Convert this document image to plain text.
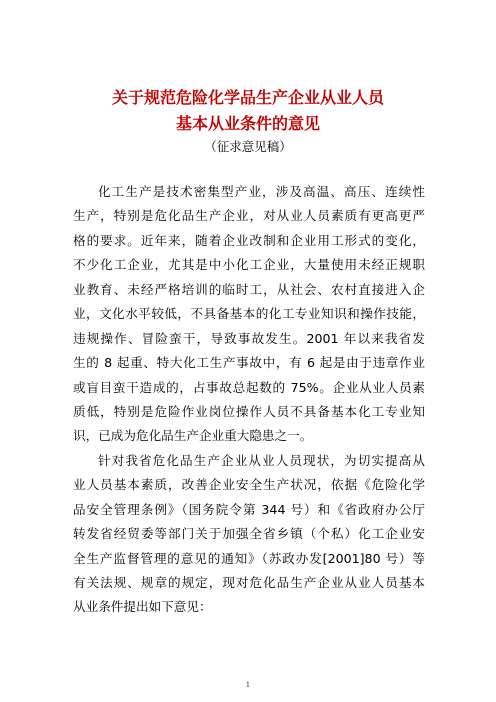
关于规范危险化学品生产企业从业人员
基本从业条件的意见
（征求意见稿）
化工生产是技术密集型产业，涉及高温、高压、连续性
生产，特别是危化品生产企业，对从业人员素质有更高更严
格的要求。近年来，随着企业改制和企业用工形式的变化，
不少化工企业，尤其是中小化工企业，大量使用未经正规职
业教育、未经严格培训的临时工，从社会、农村直接进入企
业，文化水平较低，不具备基本的化工专业知识和操作技能，
违规操作、冒险蛮干，导致事故发生。2001 年以来我省发
生的 8 起重、特大化工生产事故中，有 6 起是由于违章作业
或盲目蛮干造成的，占事故总起数的 75%。企业从业人员素
质低，特别是危险作业岗位操作人员不具备基本化工专业知
识，已成为危化品生产企业重大隐患之一。
针对我省危化品生产企业从业人员现状，为切实提高从
业人员基本素质，改善企业安全生产状况，依据《危险化学
品安全管理条例》（国务院令第 344 号）和《省政府办公厅
转发省经贸委等部门关于加强全省乡镇（个私）化工企业安
全生产监督管理的意见的通知》（苏政办发[2001]80 号）等
有关法规、规章的规定，现对危化品生产企业从业人员基本
从业条件提出如下意见：
1
